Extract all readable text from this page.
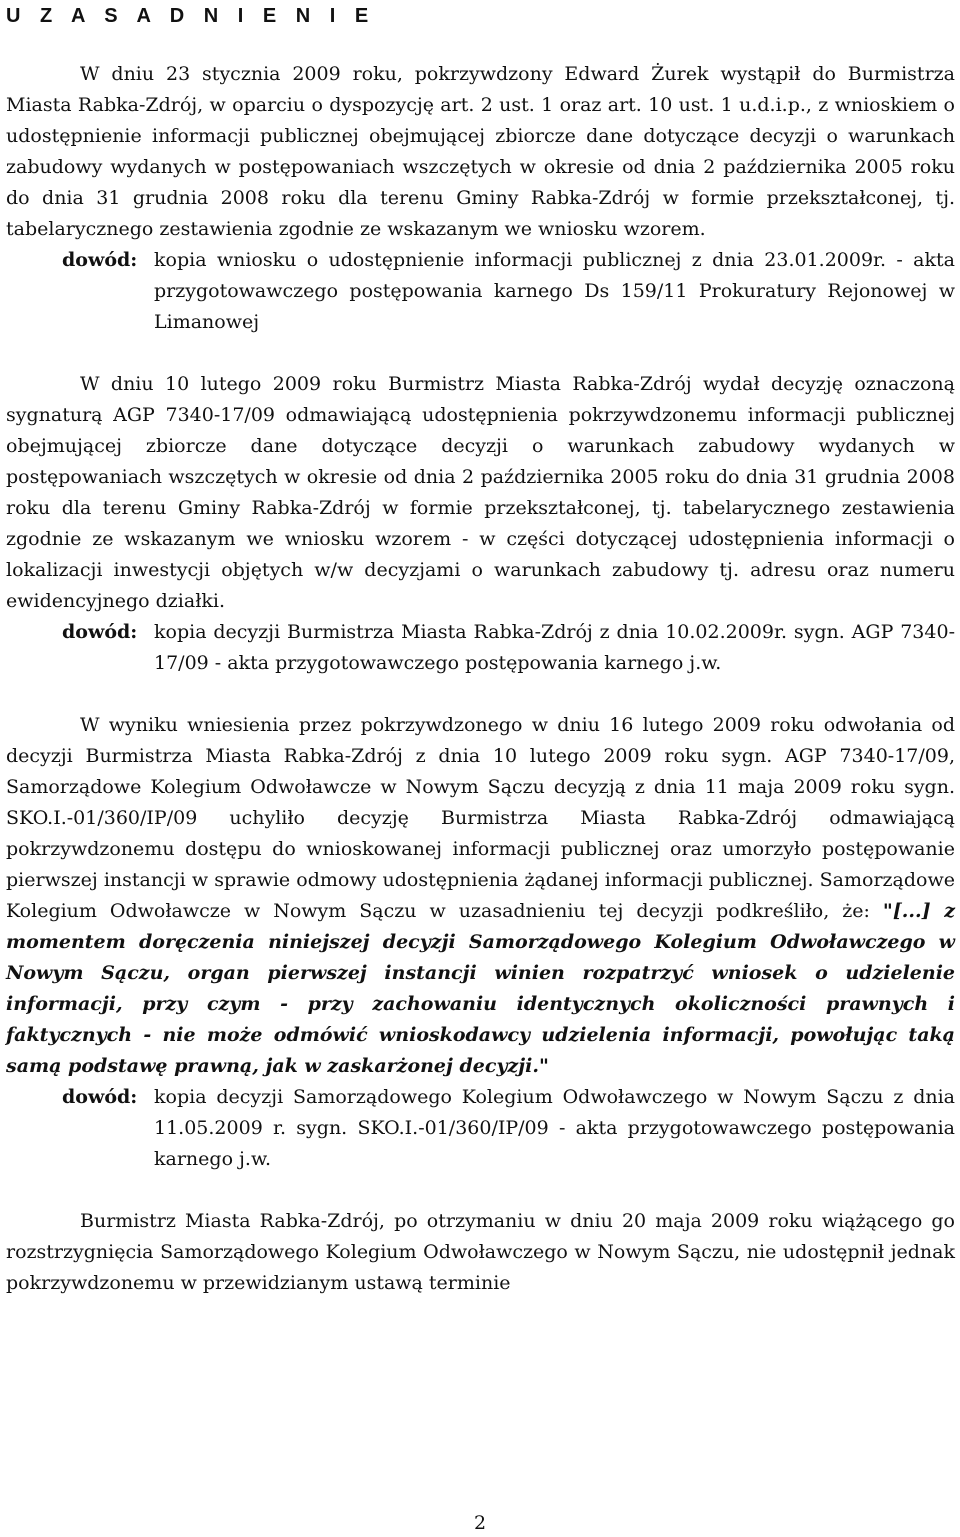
U Z A S A D N I E N I E

W dniu 23 stycznia 2009 roku, pokrzywdzony Edward Żurek wystąpił do Burmistrza Miasta Rabka-Zdrój, w oparciu o dyspozycję art. 2 ust. 1 oraz art. 10 ust. 1 u.d.i.p., z wnioskiem o udostępnienie informacji publicznej obejmującej zbiorcze dane dotyczące decyzji o warunkach zabudowy wydanych w postępowaniach wszczętych w okresie od dnia 2 października 2005 roku do dnia 31 grudnia 2008 roku dla terenu Gminy Rabka-Zdrój w formie przekształconej, tj. tabelarycznego zestawienia zgodnie ze wskazanym we wniosku wzorem.

dowód: kopia wniosku o udostępnienie informacji publicznej z dnia 23.01.2009r. - akta przygotowawczego postępowania karnego Ds 159/11 Prokuratury Rejonowej w Limanowej

W dniu 10 lutego 2009 roku Burmistrz Miasta Rabka-Zdrój wydał decyzję oznaczoną sygnaturą AGP 7340-17/09 odmawiającą udostępnienia pokrzywdzonemu informacji publicznej obejmującej zbiorcze dane dotyczące decyzji o warunkach zabudowy wydanych w postępowaniach wszczętych w okresie od dnia 2 października 2005 roku do dnia 31 grudnia 2008 roku dla terenu Gminy Rabka-Zdrój w formie przekształconej, tj. tabelarycznego zestawienia zgodnie ze wskazanym we wniosku wzorem - w części dotyczącej udostępnienia informacji o lokalizacji inwestycji objętych w/w decyzjami o warunkach zabudowy tj. adresu oraz numeru ewidencyjnego działki.

dowód: kopia decyzji Burmistrza Miasta Rabka-Zdrój z dnia 10.02.2009r. sygn. AGP 7340-17/09 - akta przygotowawczego postępowania karnego j.w.

W wyniku wniesienia przez pokrzywdzonego w dniu 16 lutego 2009 roku odwołania od decyzji Burmistrza Miasta Rabka-Zdrój z dnia 10 lutego 2009 roku sygn. AGP 7340-17/09, Samorządowe Kolegium Odwoławcze w Nowym Sączu decyzją z dnia 11 maja 2009 roku sygn. SKO.I.-01/360/IP/09 uchyliło decyzję Burmistrza Miasta Rabka-Zdrój odmawiającą pokrzywdzonemu dostępu do wnioskowanej informacji publicznej oraz umorzyło postępowanie pierwszej instancji w sprawie odmowy udostępnienia żądanej informacji publicznej. Samorządowe Kolegium Odwoławcze w Nowym Sączu w uzasadnieniu tej decyzji podkreśliło, że: "[...] z momentem doręczenia niniejszej decyzji Samorządowego Kolegium Odwoławczego w Nowym Sączu, organ pierwszej instancji winien rozpatrzyć wniosek o udzielenie informacji, przy czym - przy zachowaniu identycznych okoliczności prawnych i faktycznych - nie może odmówić wnioskodawcy udzielenia informacji, powołując taką samą podstawę prawną, jak w zaskarżonej decyzji."

dowód: kopia decyzji Samorządowego Kolegium Odwoławczego w Nowym Sączu z dnia 11.05.2009 r. sygn. SKO.I.-01/360/IP/09 - akta przygotowawczego postępowania karnego j.w.

Burmistrz Miasta Rabka-Zdrój, po otrzymaniu w dniu 20 maja 2009 roku wiążącego go rozstrzygnięcia Samorządowego Kolegium Odwoławczego w Nowym Sączu, nie udostępnił jednak pokrzywdzonemu w przewidzianym ustawą terminie

2
